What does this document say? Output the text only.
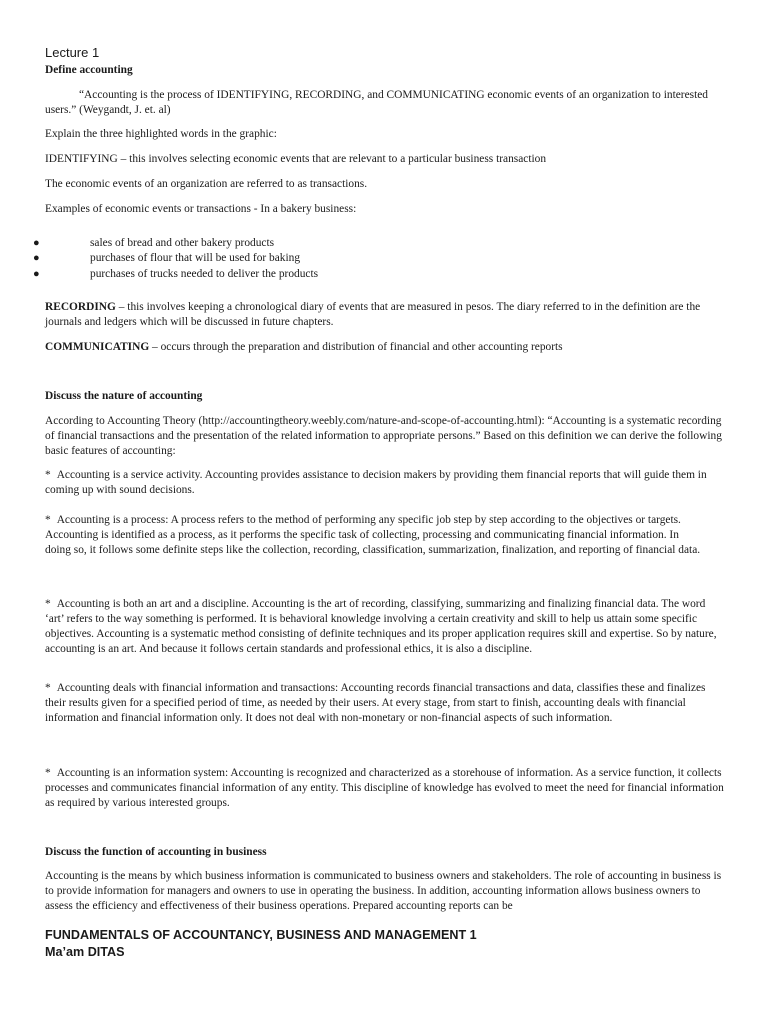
Lecture 1
Define accounting
“Accounting is the process of IDENTIFYING, RECORDING, and COMMUNICATING economic events of an organization to interested users.” (Weygandt, J. et. al)
Explain the three highlighted words in the graphic:
IDENTIFYING – this involves selecting economic events that are relevant to a particular business transaction
The economic events of an organization are referred to as transactions.
Examples of economic events or transactions - In a bakery business:
●	sales of bread and other bakery products
●	purchases of flour that will be used for baking
●	purchases of trucks needed to deliver the products
RECORDING – this involves keeping a chronological diary of events that are measured in pesos. The diary referred to in the definition are the journals and ledgers which will be discussed in future chapters.
COMMUNICATING – occurs through the preparation and distribution of financial and other accounting reports
Discuss the nature of accounting
According to Accounting Theory (http://accountingtheory.weebly.com/nature-and-scope-of-accounting.html): “Accounting is a systematic recording of financial transactions and the presentation of the related information to appropriate persons.” Based on this definition we can derive the following basic features of accounting:
* Accounting is a service activity. Accounting provides assistance to decision makers by providing them financial reports that will guide them in coming up with sound decisions.
* Accounting is a process: A process refers to the method of performing any specific job step by step according to the objectives or targets. Accounting is identified as a process, as it performs the specific task of collecting, processing and communicating financial information. In
doing so, it follows some definite steps like the collection, recording, classification, summarization, finalization, and reporting of financial data.
* Accounting is both an art and a discipline. Accounting is the art of recording, classifying, summarizing and finalizing financial data. The word ‘art’ refers to the way something is performed. It is behavioral knowledge involving a certain creativity and skill to help us attain some specific
objectives. Accounting is a systematic method consisting of definite techniques and its proper application requires skill and expertise. So by nature, accounting is an art. And because it follows certain standards and professional ethics, it is also a discipline.
* Accounting deals with financial information and transactions: Accounting records financial transactions and data, classifies these and finalizes their results given for a specified period of time, as needed by their users. At every stage, from start to finish, accounting deals with financial information and financial information only. It does not deal with non-monetary or non-financial aspects of such information.
* Accounting is an information system: Accounting is recognized and characterized as a storehouse of information. As a service function, it collects processes and communicates financial information of any entity. This discipline of knowledge has evolved to meet the need for financial information as required by various interested groups.
Discuss the function of accounting in business
Accounting is the means by which business information is communicated to business owners and stakeholders. The role of accounting in business is to provide information for managers and owners to use in operating the business. In addition, accounting information allows business owners to assess the efficiency and effectiveness of their business operations. Prepared accounting reports can be
FUNDAMENTALS OF ACCOUNTANCY, BUSINESS AND MANAGEMENT 1
Ma’am DITAS
